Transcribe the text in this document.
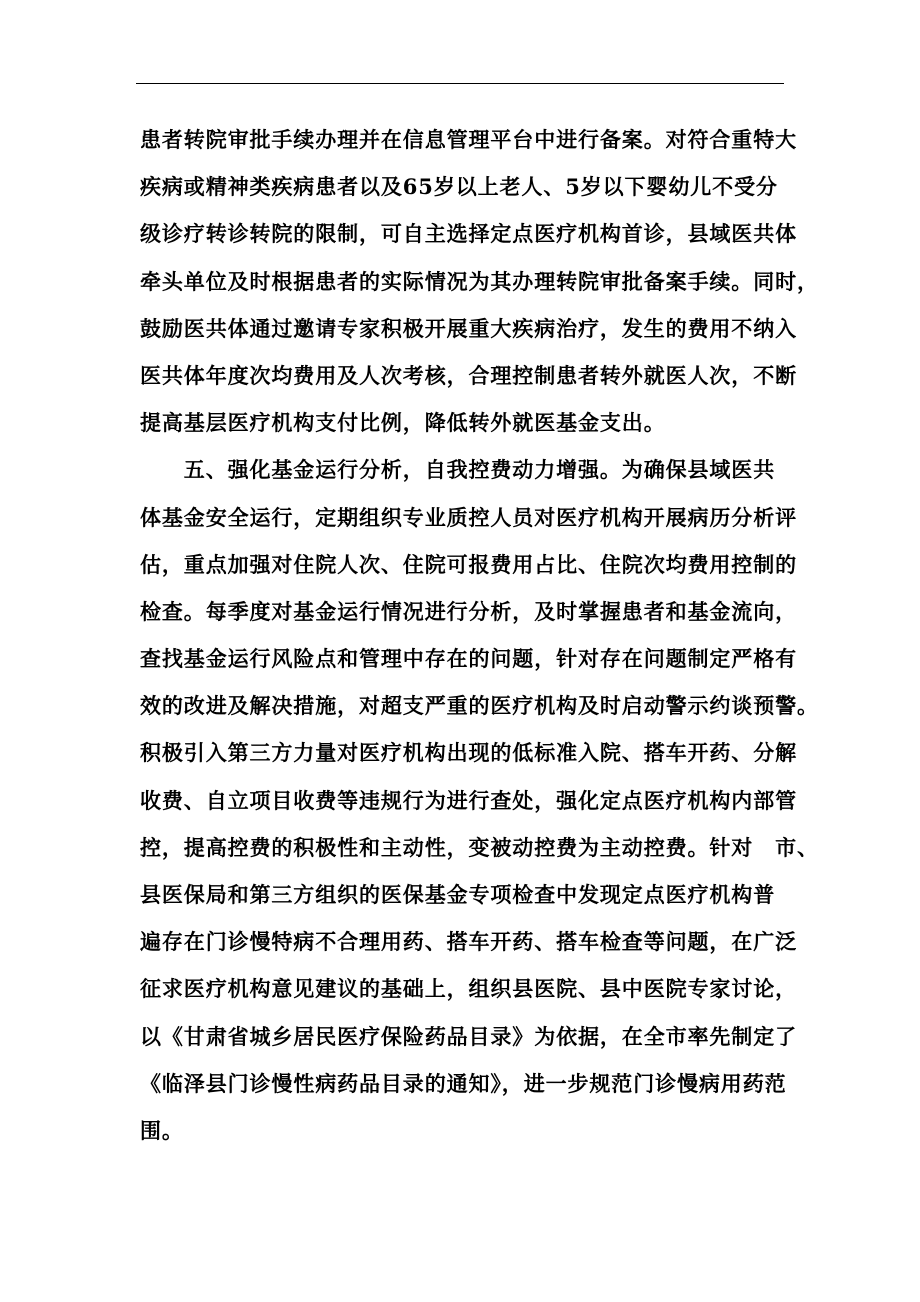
患者转院审批手续办理并在信息管理平台中进行备案。对符合重特大
疾病或精神类疾病患者以及65岁以上老人、5岁以下婴幼儿不受分
级诊疗转诊转院的限制，可自主选择定点医疗机构首诊，县域医共体
牵头单位及时根据患者的实际情况为其办理转院审批备案手续。同时，
鼓励医共体通过邀请专家积极开展重大疾病治疗，发生的费用不纳入
医共体年度次均费用及人次考核，合理控制患者转外就医人次，不断
提高基层医疗机构支付比例，降低转外就医基金支出。
　　五、强化基金运行分析，自我控费动力增强。为确保县域医共
体基金安全运行，定期组织专业质控人员对医疗机构开展病历分析评
估，重点加强对住院人次、住院可报费用占比、住院次均费用控制的
检查。每季度对基金运行情况进行分析，及时掌握患者和基金流向，
查找基金运行风险点和管理中存在的问题，针对存在问题制定严格有
效的改进及解决措施，对超支严重的医疗机构及时启动警示约谈预警。
积极引入第三方力量对医疗机构出现的低标准入院、搭车开药、分解
收费、自立项目收费等违规行为进行查处，强化定点医疗机构内部管
控，提高控费的积极性和主动性，变被动控费为主动控费。针对　市、
县医保局和第三方组织的医保基金专项检查中发现定点医疗机构普
遍存在门诊慢特病不合理用药、搭车开药、搭车检查等问题，在广泛
征求医疗机构意见建议的基础上，组织县医院、县中医院专家讨论，
以《甘肃省城乡居民医疗保险药品目录》为依据，在全市率先制定了
《临泽县门诊慢性病药品目录的通知》，进一步规范门诊慢病用药范
围。
